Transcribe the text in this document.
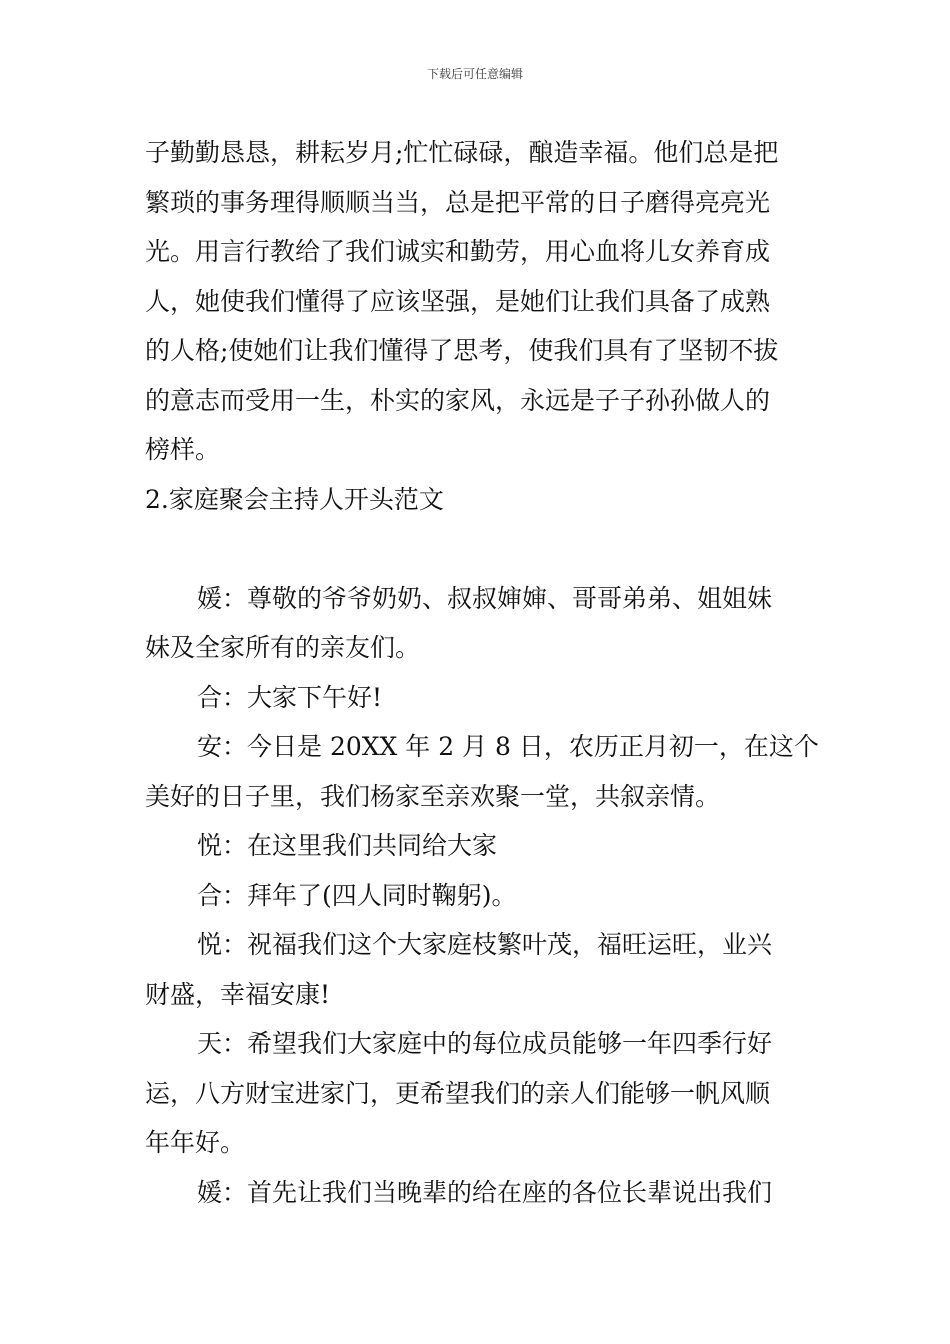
下载后可任意编辑
子勤勤恳恳，耕耘岁月;忙忙碌碌，酿造幸福。他们总是把
繁琐的事务理得顺顺当当，总是把平常的日子磨得亮亮光
光。用言行教给了我们诚实和勤劳，用心血将儿女养育成
人，她使我们懂得了应该坚强，是她们让我们具备了成熟
的人格;使她们让我们懂得了思考，使我们具有了坚韧不拔
的意志而受用一生，朴实的家风，永远是子子孙孙做人的
榜样。
2.家庭聚会主持人开头范文
媛：尊敬的爷爷奶奶、叔叔婶婶、哥哥弟弟、姐姐妹
妹及全家所有的亲友们。
合：大家下午好!
安：今日是 20XX 年 2 月 8 日，农历正月初一，在这个
美好的日子里，我们杨家至亲欢聚一堂，共叙亲情。
悦：在这里我们共同给大家
合：拜年了(四人同时鞠躬)。
悦：祝福我们这个大家庭枝繁叶茂，福旺运旺，业兴
财盛，幸福安康!
天：希望我们大家庭中的每位成员能够一年四季行好
运，八方财宝进家门，更希望我们的亲人们能够一帆风顺
年年好。
媛：首先让我们当晚辈的给在座的各位长辈说出我们
